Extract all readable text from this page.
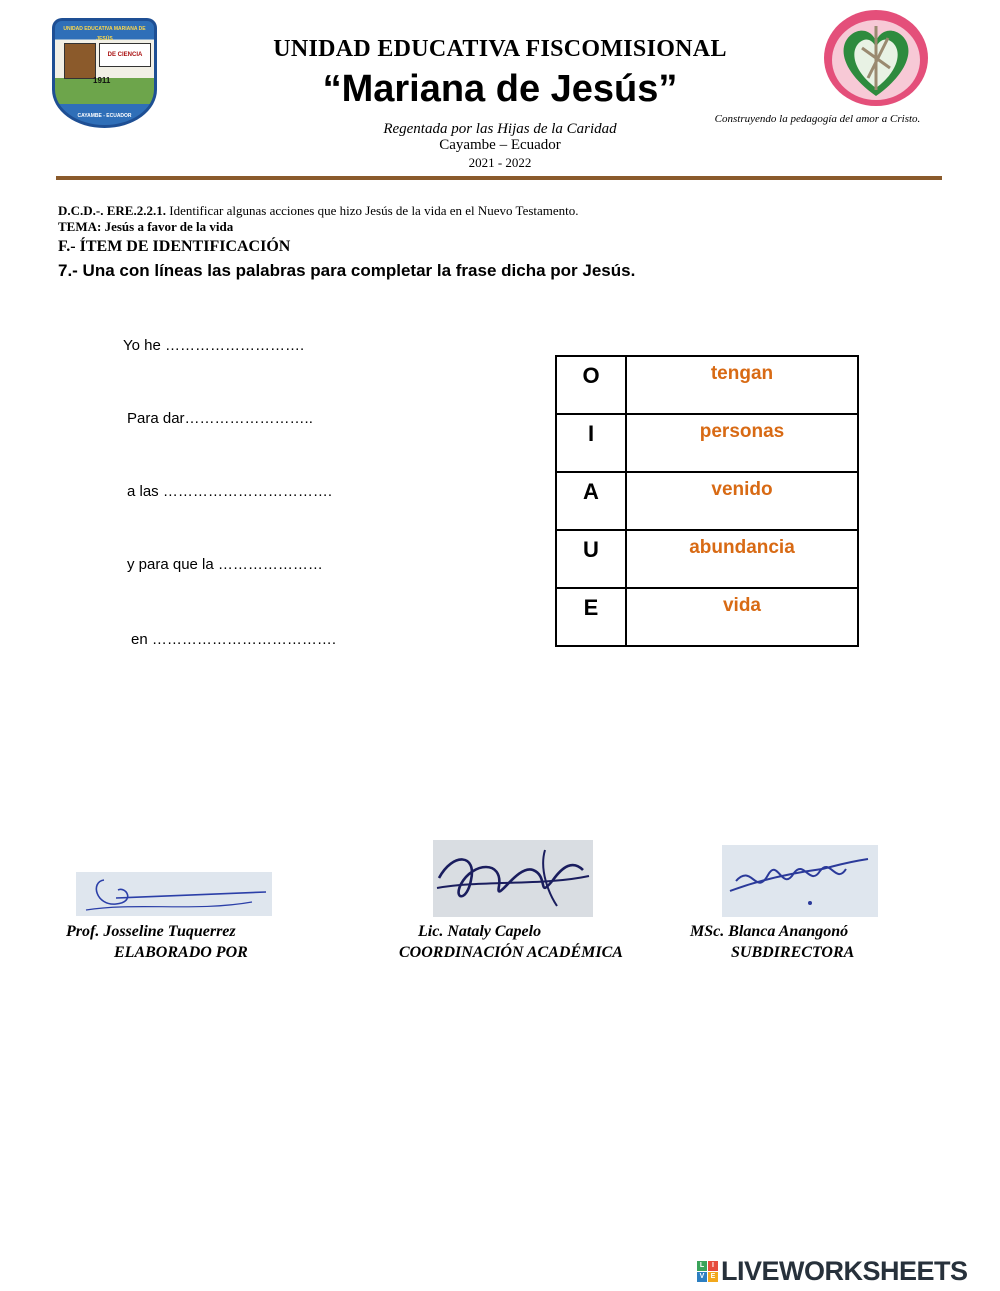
UNIDAD EDUCATIVA MARIANA DE JESÚS
DE CIENCIA
1911
CAYAMBE - ECUADOR
UNIDAD EDUCATIVA FISCOMISIONAL
“Mariana de Jesús”
Regentada por las Hijas de la Caridad
Cayambe – Ecuador
2021 - 2022
Construyendo la pedagogía del amor a Cristo.
D.C.D.-. ERE.2.2.1. Identificar algunas acciones que hizo Jesús de la vida en el Nuevo Testamento.
TEMA: Jesús a favor de la vida
F.- ÍTEM DE IDENTIFICACIÓN
7.- Una con líneas las palabras para completar la frase dicha por Jesús.
Yo he ……………………….
Para dar……………………..
a las …………………………….
y para que la …………………
en ……………………………….
O	tengan
I	personas
A	venido
U	abundancia
E	vida
Prof. Josseline Tuquerrez
ELABORADO POR
Lic. Nataly Capelo
COORDINACIÓN ACADÉMICA
MSc. Blanca Anangonó
SUBDIRECTORA
L	I
V E LIVEWORKSHEETS
